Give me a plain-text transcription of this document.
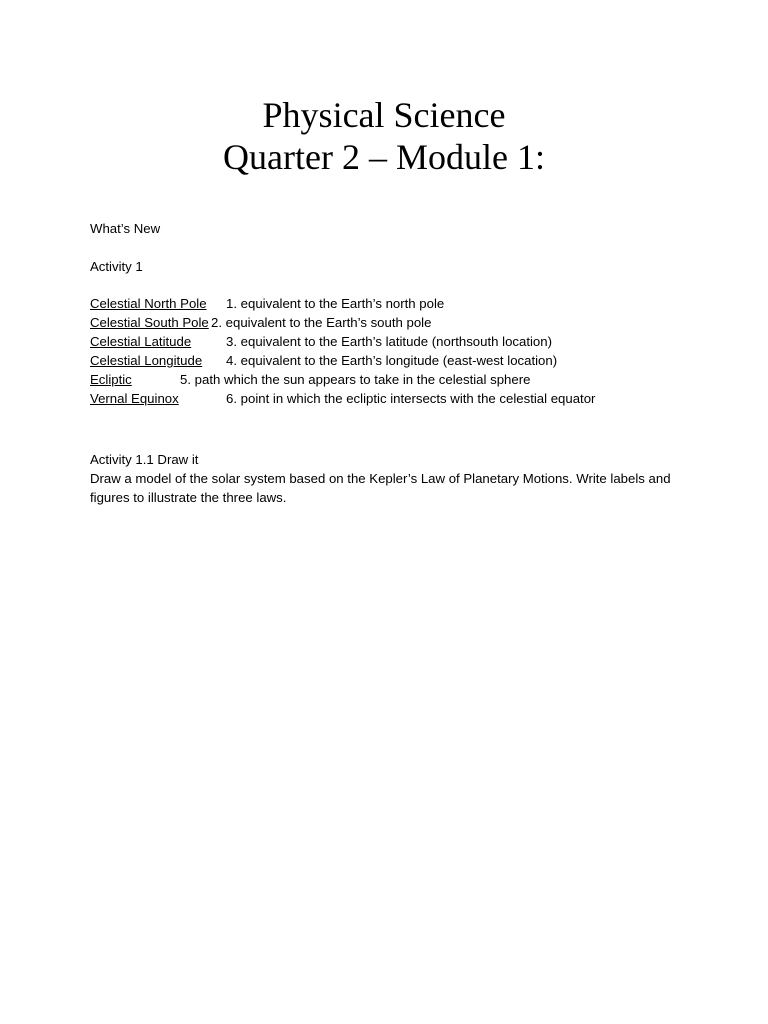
Physical Science
Quarter 2 – Module 1:
What’s New
Activity 1
Celestial North Pole 1. equivalent to the Earth’s north pole
Celestial South Pole 2. equivalent to the Earth’s south pole
Celestial Latitude	3. equivalent to the Earth’s latitude (northsouth location)
Celestial Longitude 4. equivalent to the Earth’s longitude (east-west location)
Ecliptic	5. path which the sun appears to take in the celestial sphere
Vernal Equinox	6. point in which the ecliptic intersects with the celestial equator
Activity 1.1 Draw it
Draw a model of the solar system based on the Kepler’s Law of Planetary Motions. Write labels and figures to illustrate the three laws.
